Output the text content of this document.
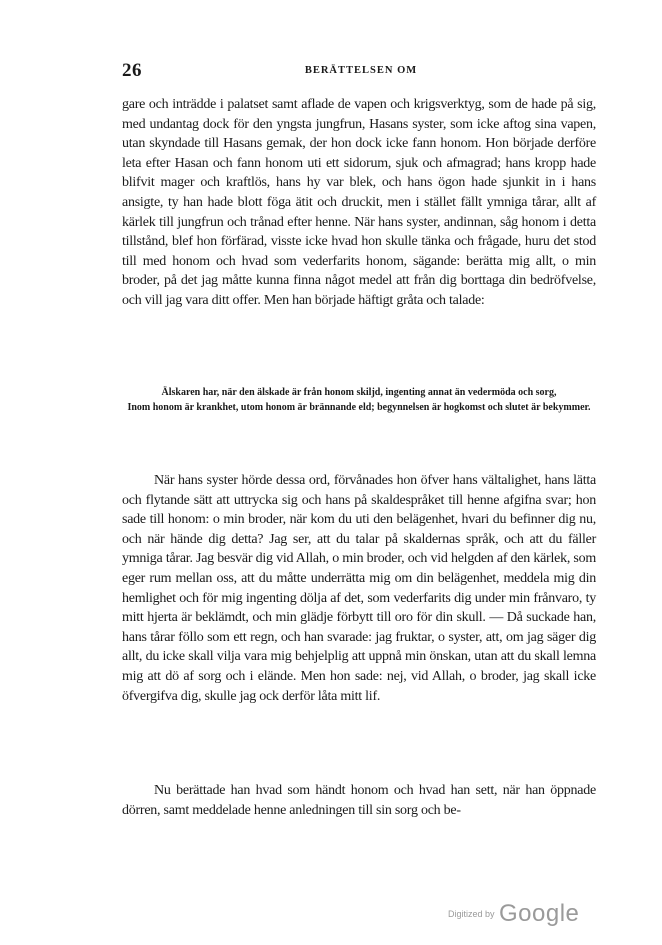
26	BERÄTTELSEN OM
gare och inträdde i palatset samt aflade de vapen och krigsverktyg, som de hade på sig, med undantag dock för den yngsta jungfrun, Hasans syster, som icke aftog sina vapen, utan skyndade till Hasans gemak, der hon dock icke fann honom. Hon började derföre leta efter Hasan och fann honom uti ett sidorum, sjuk och afmagrad; hans kropp hade blifvit mager och kraftlös, hans hy var blek, och hans ögon hade sjunkit in i hans ansigte, ty han hade blott föga ätit och druckit, men i stället fällt ymniga tårar, allt af kärlek till jungfrun och trånad efter henne. När hans syster, andinnan, såg honom i detta tillstånd, blef hon förfärad, visste icke hvad hon skulle tänka och frågade, huru det stod till med honom och hvad som vederfarits honom, sägande: berätta mig allt, o min broder, på det jag måtte kunna finna något medel att från dig borttaga din bedröfvelse, och vill jag vara ditt offer. Men han började häftigt gråta och talade:
Älskaren har, när den älskade är från honom skiljd, ingenting annat än vedermöda och sorg,
Inom honom är krankhet, utom honom är brännande eld; begynnelsen är hogkomst och slutet är bekymmer.
När hans syster hörde dessa ord, förvånades hon öfver hans vältalighet, hans lätta och flytande sätt att uttrycka sig och hans på skaldespråket till henne afgifna svar; hon sade till honom: o min broder, när kom du uti den belägenhet, hvari du befinner dig nu, och när hände dig detta? Jag ser, att du talar på skaldernas språk, och att du fäller ymniga tårar. Jag besvär dig vid Allah, o min broder, och vid helgden af den kärlek, som eger rum mellan oss, att du måtte underrätta mig om din belägenhet, meddela mig din hemlighet och för mig ingenting dölja af det, som vederfarits dig under min frånvaro, ty mitt hjerta är beklämdt, och min glädje förbytt till oro för din skull. — Då suckade han, hans tårar föllo som ett regn, och han svarade: jag fruktar, o syster, att, om jag säger dig allt, du icke skall vilja vara mig behjelplig att uppnå min önskan, utan att du skall lemna mig att dö af sorg och i elände. Men hon sade: nej, vid Allah, o broder, jag skall icke öfvergifva dig, skulle jag ock derför låta mitt lif.
Nu berättade han hvad som händt honom och hvad han sett, när han öppnade dörren, samt meddelade henne anledningen till sin sorg och be-
Digitized by Google
